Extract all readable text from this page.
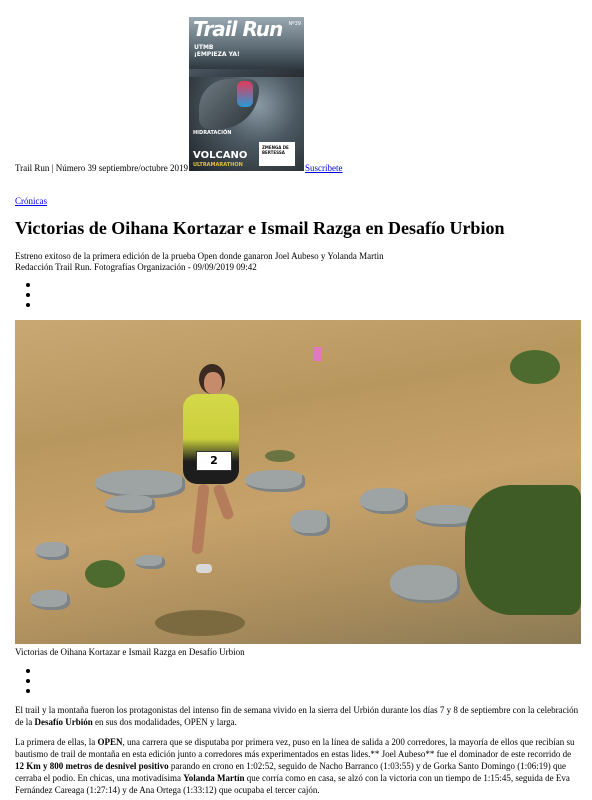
Trail Run Nº39
UTMB
¡EMPIEZA YA!
HIDRATACIÓN
VOLCANO
ULTRAMARATHON
ZMENGA DE
BERTESSA
Trail Run | Número 39 septiembre/octubre 2019	Suscríbete
Crónicas
Victorias de Oihana Kortazar e Ismail Razga en Desafío Urbion
Estreno exitoso de la primera edición de la prueba Open donde ganaron Joel Aubeso y Yolanda Martin
Redacción Trail Run. Fotografías Organización - 09/09/2019 09:42
2
Victorias de Oihana Kortazar e Ismail Razga en Desafío Urbion

El trail y la montaña fueron los protagonistas del intenso fin de semana vivido en la sierra del Urbión durante los días 7 y 8 de septiembre con la celebración de la Desafío Urbión en sus dos modalidades, OPEN y larga.

La primera de ellas, la OPEN, una carrera que se disputaba por primera vez, puso en la línea de salida a 200 corredores, la mayoría de ellos que recibían su bautismo de trail de montaña en esta edición junto a corredores más experimentados en estas lides.** Joel Aubeso** fue el dominador de este recorrido de 12 Km y 800 metros de desnivel positivo parando en crono en 1:02:52, seguido de Nacho Barranco (1:03:55) y de Gorka Santo Domingo (1:06:19) que cerraba el podio. En chicas, una motivadísima Yolanda Martín que corría como en casa, se alzó con la victoria con un tiempo de 1:15:45, seguida de Eva Fernández Careaga (1:27:14) y de Ana Ortega (1:33:12) que ocupaba el tercer cajón.
